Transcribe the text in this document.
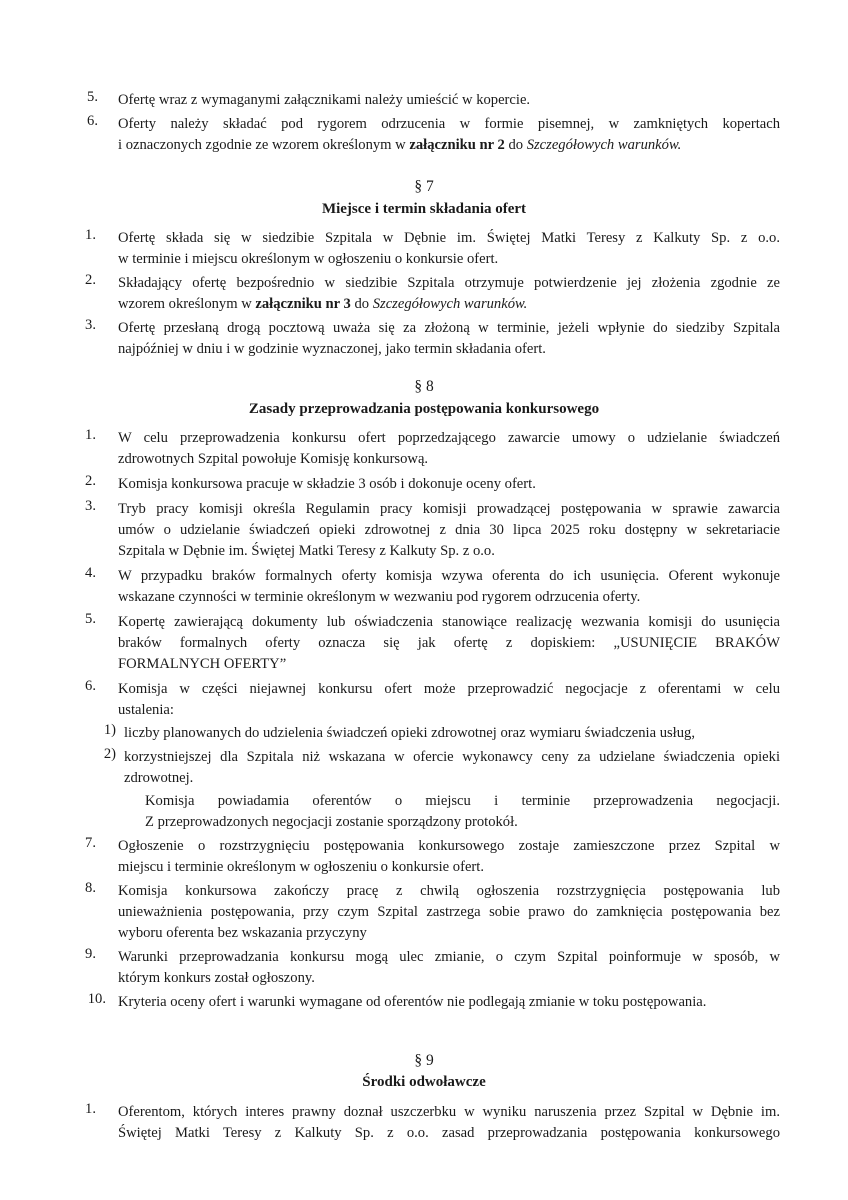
5. Ofertę wraz z wymaganymi załącznikami należy umieścić w kopercie.
6. Oferty należy składać pod rygorem odrzucenia w formie pisemnej, w zamkniętych kopertach
i oznaczonych zgodnie ze wzorem określonym w załączniku nr 2 do Szczegółowych warunków.
§ 7
Miejsce i termin składania ofert
1. Ofertę składa się w siedzibie Szpitala w Dębnie im. Świętej Matki Teresy z Kalkuty Sp. z o.o.
w terminie i miejscu określonym w ogłoszeniu o konkursie ofert.
2. Składający ofertę bezpośrednio w siedzibie Szpitala otrzymuje potwierdzenie jej złożenia zgodnie ze
wzorem określonym w załączniku nr 3 do Szczegółowych warunków.
3. Ofertę przesłaną drogą pocztową uważa się za złożoną w terminie, jeżeli wpłynie do siedziby Szpitala
najpóźniej w dniu i w godzinie wyznaczonej, jako termin składania ofert.
§ 8
Zasady przeprowadzania postępowania konkursowego
1. W celu przeprowadzenia konkursu ofert poprzedzającego zawarcie umowy o udzielanie świadczeń
zdrowotnych Szpital powołuje Komisję konkursową.
2. Komisja konkursowa pracuje w składzie 3 osób i dokonuje oceny ofert.
3. Tryb pracy komisji określa Regulamin pracy komisji prowadzącej postępowania w sprawie zawarcia
umów o udzielanie świadczeń opieki zdrowotnej z dnia 30 lipca 2025 roku dostępny w sekretariacie
Szpitala w Dębnie im. Świętej Matki Teresy z Kalkuty Sp. z o.o.
4. W przypadku braków formalnych oferty komisja wzywa oferenta do ich usunięcia. Oferent wykonuje
wskazane czynności w terminie określonym w wezwaniu pod rygorem odrzucenia oferty.
5. Kopertę zawierającą dokumenty lub oświadczenia stanowiące realizację wezwania komisji do usunięcia
braków formalnych oferty oznacza się jak ofertę z dopiskiem: „USUNIĘCIE BRAKÓW
FORMALNYCH OFERTY”
6. Komisja w części niejawnej konkursu ofert może przeprowadzić negocjacje z oferentami w celu
ustalenia:
1) liczby planowanych do udzielenia świadczeń opieki zdrowotnej oraz wymiaru świadczenia usług,
2) korzystniejszej dla Szpitala niż wskazana w ofercie wykonawcy ceny za udzielane świadczenia opieki
zdrowotnej.
Komisja powiadamia oferentów o miejscu i terminie przeprowadzenia negocjacji.
Z przeprowadzonych negocjacji zostanie sporządzony protokół.
7. Ogłoszenie o rozstrzygnięciu postępowania konkursowego zostaje zamieszczone przez Szpital w
miejscu i terminie określonym w ogłoszeniu o konkursie ofert.
8. Komisja konkursowa zakończy pracę z chwilą ogłoszenia rozstrzygnięcia postępowania lub
unieważnienia postępowania, przy czym Szpital zastrzega sobie prawo do zamknięcia postępowania bez
wyboru oferenta bez wskazania przyczyny
9. Warunki przeprowadzania konkursu mogą ulec zmianie, o czym Szpital poinformuje w sposób, w
którym konkurs został ogłoszony.
10. Kryteria oceny ofert i warunki wymagane od oferentów nie podlegają zmianie w toku postępowania.
§ 9
Środki odwoławcze
1. Oferentom, których interes prawny doznał uszczerbku w wyniku naruszenia przez Szpital w Dębnie im.
Świętej Matki Teresy z Kalkuty Sp. z o.o. zasad przeprowadzania postępowania konkursowego
